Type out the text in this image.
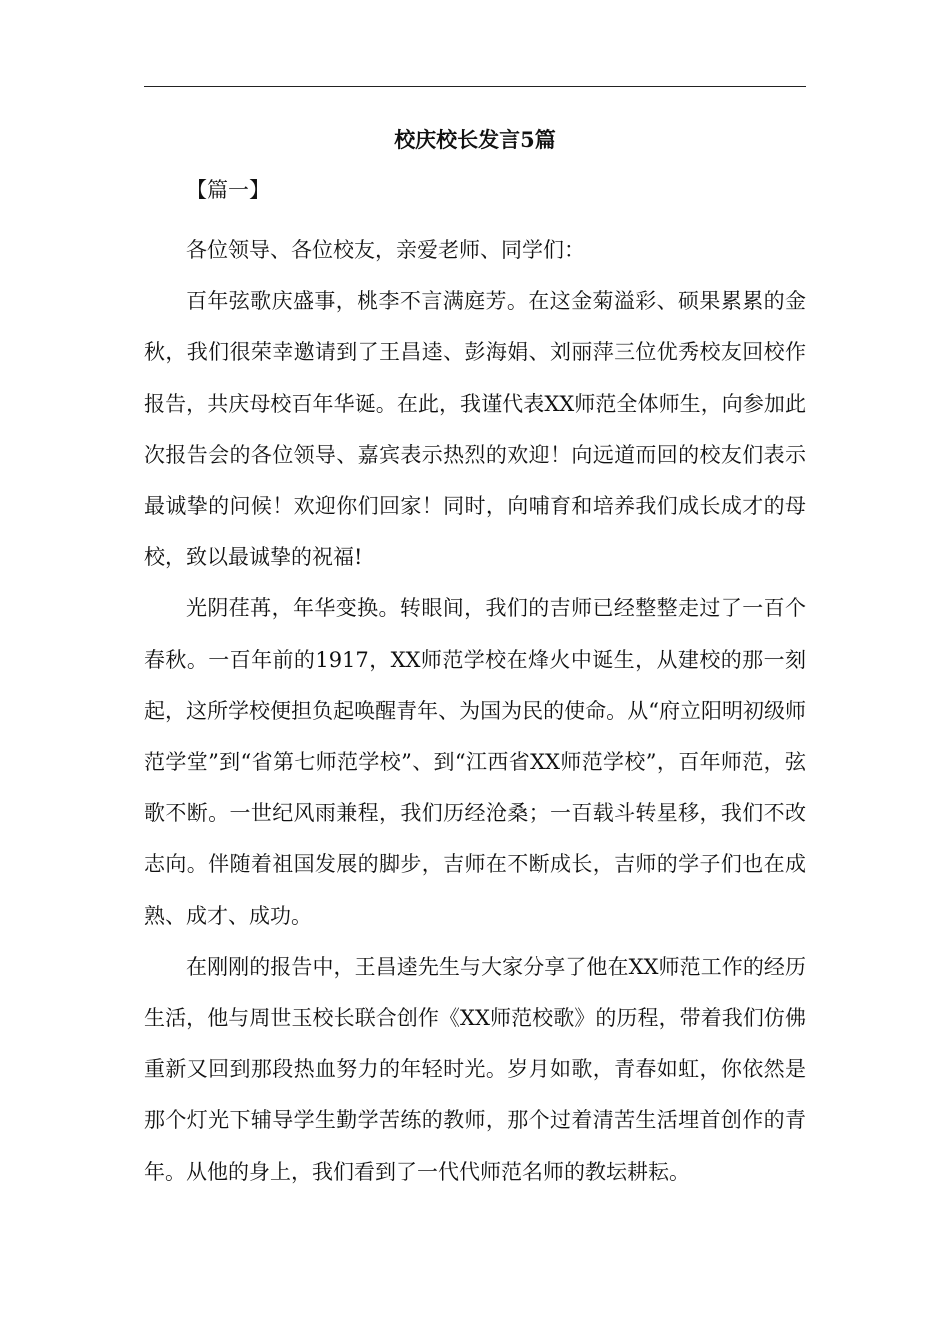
校庆校长发言5篇
【篇一】

各位领导、各位校友，亲爱老师、同学们：

百年弦歌庆盛事，桃李不言满庭芳。在这金菊溢彩、硕果累累的金秋，我们很荣幸邀请到了王昌逵、彭海娟、刘丽萍三位优秀校友回校作报告，共庆母校百年华诞。在此，我谨代表XX师范全体师生，向参加此次报告会的各位领导、嘉宾表示热烈的欢迎！向远道而回的校友们表示最诚挚的问候！欢迎你们回家！同时，向哺育和培养我们成长成才的母校，致以最诚挚的祝福!

光阴荏苒，年华变换。转眼间，我们的吉师已经整整走过了一百个春秋。一百年前的1917，XX师范学校在烽火中诞生，从建校的那一刻起，这所学校便担负起唤醒青年、为国为民的使命。从“府立阳明初级师范学堂”到“省第七师范学校”、到“江西省XX师范学校”，百年师范，弦歌不断。一世纪风雨兼程，我们历经沧桑；一百载斗转星移，我们不改志向。伴随着祖国发展的脚步，吉师在不断成长，吉师的学子们也在成熟、成才、成功。

在刚刚的报告中，王昌逵先生与大家分享了他在XX师范工作的经历生活，他与周世玉校长联合创作《XX师范校歌》的历程，带着我们仿佛重新又回到那段热血努力的年轻时光。岁月如歌，青春如虹，你依然是那个灯光下辅导学生勤学苦练的教师，那个过着清苦生活埋首创作的青年。从他的身上，我们看到了一代代师范名师的教坛耕耘。
